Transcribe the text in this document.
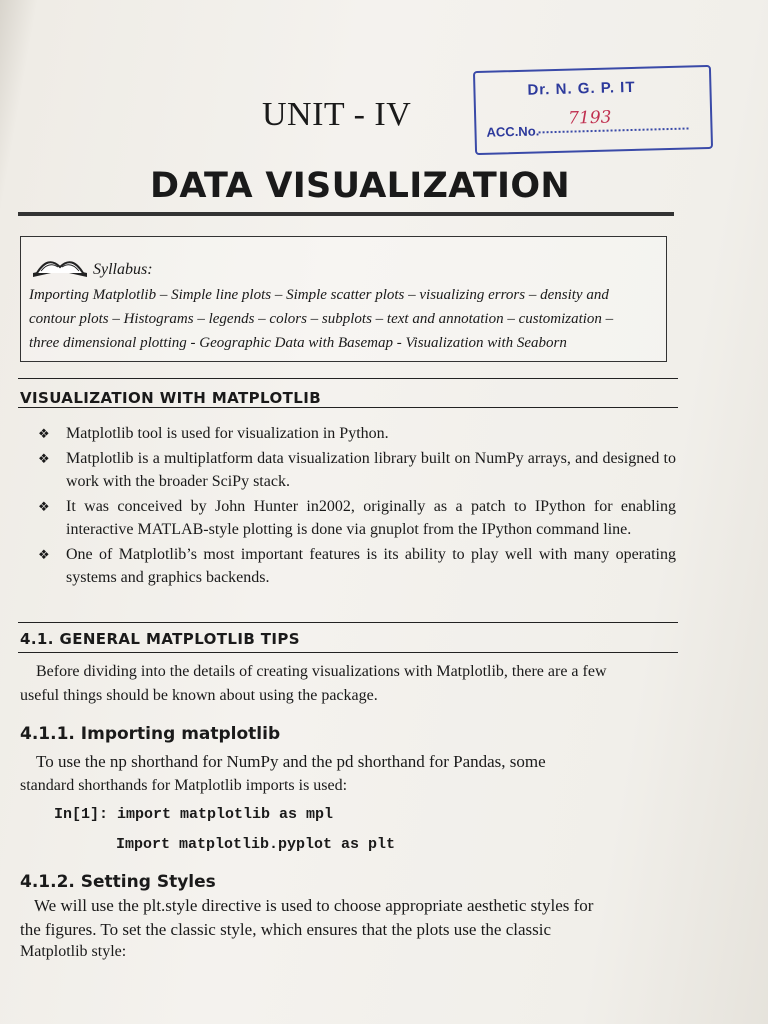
UNIT - IV
Dr. N. G. P. IT
7193
ACC.No.
DATA VISUALIZATION
Syllabus:
Importing Matplotlib – Simple line plots – Simple scatter plots – visualizing errors – density and
contour plots – Histograms – legends – colors – subplots – text and annotation – customization –
three dimensional plotting - Geographic Data with Basemap - Visualization with Seaborn
VISUALIZATION WITH MATPLOTLIB
❖ Matplotlib tool is used for visualization in Python.
❖ Matplotlib is a multiplatform data visualization library built on NumPy arrays, and designed to work with the broader SciPy stack.
❖ It was conceived by John Hunter in2002, originally as a patch to IPython for enabling interactive MATLAB-style plotting is done via gnuplot from the IPython command line.
❖ One of Matplotlib’s most important features is its ability to play well with many operating systems and graphics backends.
4.1. GENERAL MATPLOTLIB TIPS
Before dividing into the details of creating visualizations with Matplotlib, there are a few
useful things should be known about using the package.
4.1.1. Importing matplotlib
To use the np shorthand for NumPy and the pd shorthand for Pandas, some
standard shorthands for Matplotlib imports is used:
In[1]: import matplotlib as mpl
Import matplotlib.pyplot as plt
4.1.2. Setting Styles
We will use the plt.style directive is used to choose appropriate aesthetic styles for
the figures. To set the classic style, which ensures that the plots use the classic
Matplotlib style:
